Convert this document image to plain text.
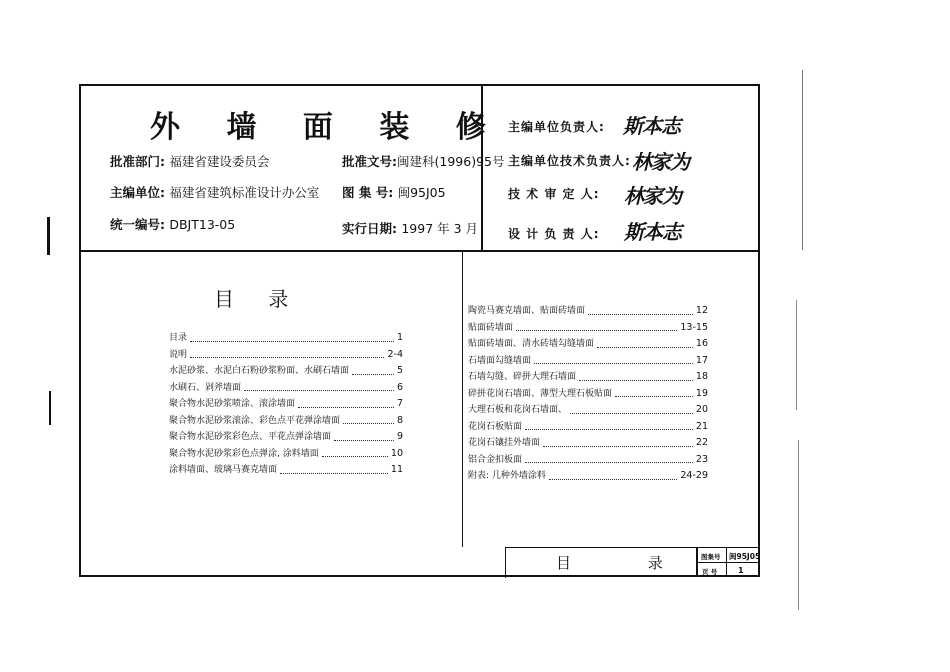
外 墙 面 装 修
批准部门: 福建省建设委员会	批准文号:闽建科(1996)95号
主编单位: 福建省建筑标准设计办公室 图 集 号: 闽95J05
统一编号: DBJT13-05	实行日期: 1997 年 3 月
主编单位负责人: 斯本志
主编单位技术负责人: 林家为
技 术 审 定 人: 林家为
设 计 负 责 人: 斯本志
目 录
目录	1
说明	2-4
水泥砂浆、水泥白石粉砂浆粉面、水刷石墙面	5
水刷石、剁斧墙面	6
聚合物水泥砂浆喷涂、滚涂墙面	7
聚合物水泥砂浆滚涂、彩色点平花弹涂墙面	8
聚合物水泥砂浆彩色点、平花点弹涂墙面	9
聚合物水泥砂浆彩色点弹涂, 涂料墙面	10
涂料墙面、玻璃马赛克墙面	11
陶瓷马赛克墙面、贴面砖墙面	12
贴面砖墙面	13-15
贴面砖墙面、清水砖墙勾缝墙面	16
石墙面勾缝墙面	17
石墙勾缝、碎拼大理石墙面	18
碎拼花岗石墙面、薄型大理石板贴面	19
大理石板和花岗石墙面、	20
花岗石板贴面	21
花岗石镶挂外墙面	22
铝合金扣板面	23
附表: 几种外墙涂料	24-29
目 录 图集号 闽95J05
页 号	1
